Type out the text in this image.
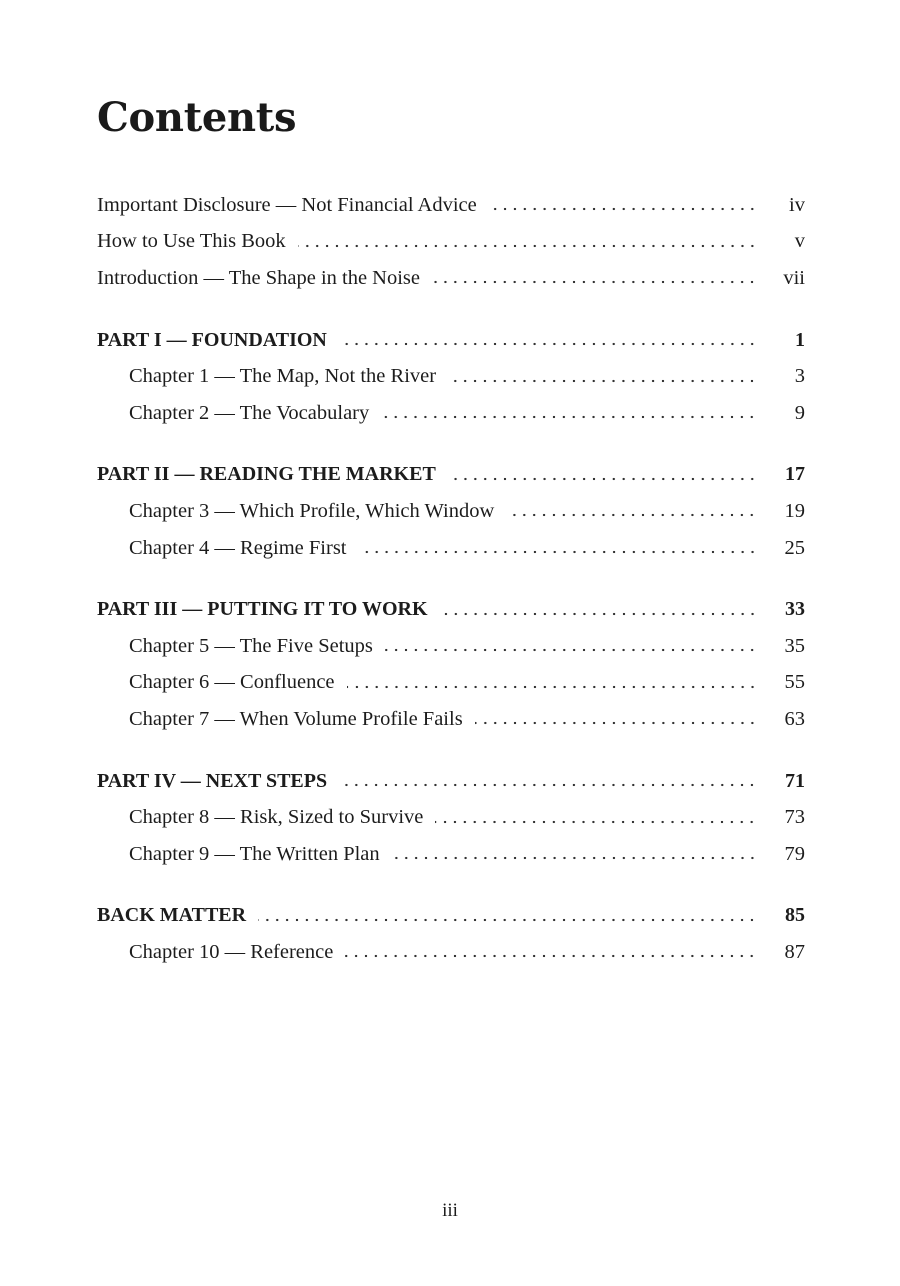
Contents
Important Disclosure — Not Financial Advice	iv
How to Use This Book	v
Introduction — The Shape in the Noise	vii
PART I — FOUNDATION	1
Chapter 1 — The Map, Not the River	3
Chapter 2 — The Vocabulary	9
PART II — READING THE MARKET	17
Chapter 3 — Which Profile, Which Window	19
Chapter 4 — Regime First	25
PART III — PUTTING IT TO WORK	33
Chapter 5 — The Five Setups	35
Chapter 6 — Confluence	55
Chapter 7 — When Volume Profile Fails	63
PART IV — NEXT STEPS	71
Chapter 8 — Risk, Sized to Survive	73
Chapter 9 — The Written Plan	79
BACK MATTER	85
Chapter 10 — Reference	87
iii
